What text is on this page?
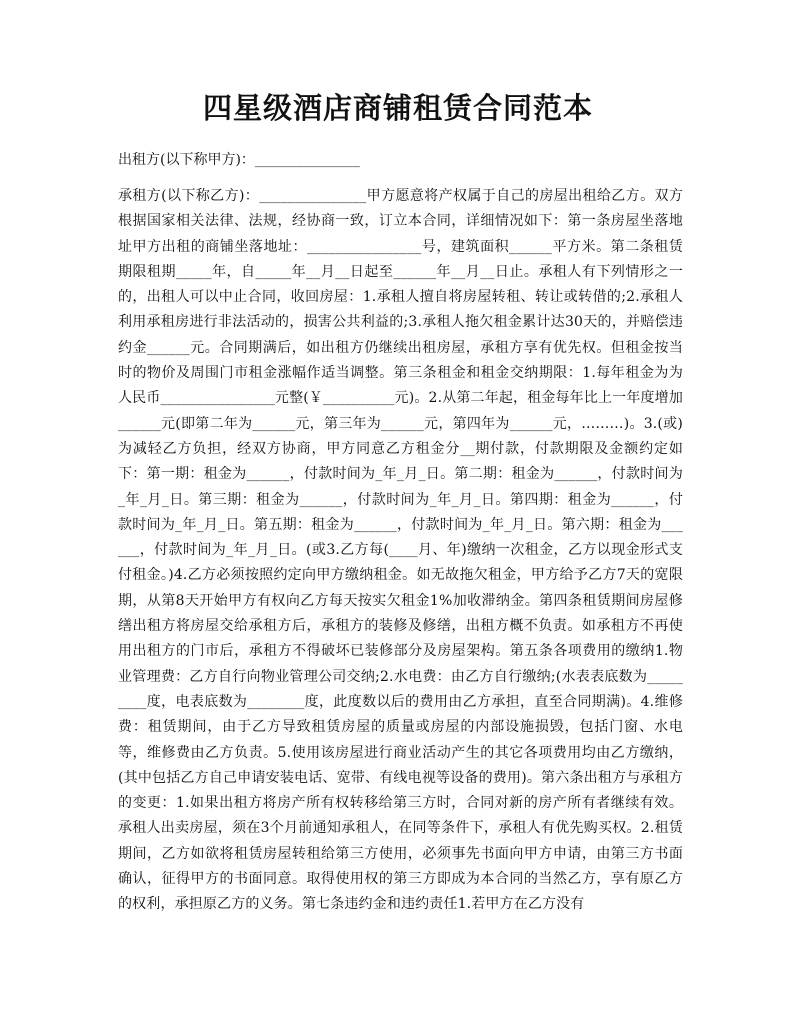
四星级酒店商铺租赁合同范本

出租方(以下称甲方)：_______________

承租方(以下称乙方)：_______________甲方愿意将产权属于自己的房屋出租给乙方。双方根据国家相关法律、法规，经协商一致，订立本合同，详细情况如下：第一条房屋坐落地址甲方出租的商铺坐落地址：________________号，建筑面积______平方米。第二条租赁期限租期_____年，自_____年__月__日起至______年__月__日止。承租人有下列情形之一的，出租人可以中止合同，收回房屋：1.承租人擅自将房屋转租、转让或转借的;2.承租人利用承租房进行非法活动的，损害公共利益的;3.承租人拖欠租金累计达30天的，并赔偿违约金______元。合同期满后，如出租方仍继续出租房屋，承租方享有优先权。但租金按当时的物价及周围门市租金涨幅作适当调整。第三条租金和租金交纳期限：1.每年租金为为人民币________________元整(￥__________元)。2.从第二年起，租金每年比上一年度增加______元(即第二年为______元，第三年为______元，第四年为______元，………)。3.(或)为减轻乙方负担，经双方协商，甲方同意乙方租金分__期付款，付款期限及金额约定如下：第一期：租金为______，付款时间为_年_月_日。第二期：租金为______，付款时间为_年_月_日。第三期：租金为______，付款时间为_年_月_日。第四期：租金为______，付款时间为_年_月_日。第五期：租金为______，付款时间为_年_月_日。第六期：租金为______，付款时间为_年_月_日。(或3.乙方每(____月、年)缴纳一次租金，乙方以现金形式支付租金。)4.乙方必须按照约定向甲方缴纳租金。如无故拖欠租金，甲方给予乙方7天的宽限期，从第8天开始甲方有权向乙方每天按实欠租金1%加收滞纳金。第四条租赁期间房屋修缮出租方将房屋交给承租方后，承租方的装修及修缮，出租方概不负责。如承租方不再使用出租方的门市后，承租方不得破坏已装修部分及房屋架构。第五条各项费用的缴纳1.物业管理费：乙方自行向物业管理公司交纳;2.水电费：由乙方自行缴纳;(水表表底数为_________度，电表底数为________度，此度数以后的费用由乙方承担，直至合同期满)。4.维修费：租赁期间，由于乙方导致租赁房屋的质量或房屋的内部设施损毁，包括门窗、水电等，维修费由乙方负责。5.使用该房屋进行商业活动产生的其它各项费用均由乙方缴纳，(其中包括乙方自己申请安装电话、宽带、有线电视等设备的费用)。第六条出租方与承租方的变更：1.如果出租方将房产所有权转移给第三方时，合同对新的房产所有者继续有效。承租人出卖房屋，须在3个月前通知承租人，在同等条件下，承租人有优先购买权。2.租赁期间，乙方如欲将租赁房屋转租给第三方使用，必须事先书面向甲方申请，由第三方书面确认，征得甲方的书面同意。取得使用权的第三方即成为本合同的当然乙方，享有原乙方的权利，承担原乙方的义务。第七条违约金和违约责任1.若甲方在乙方没有
